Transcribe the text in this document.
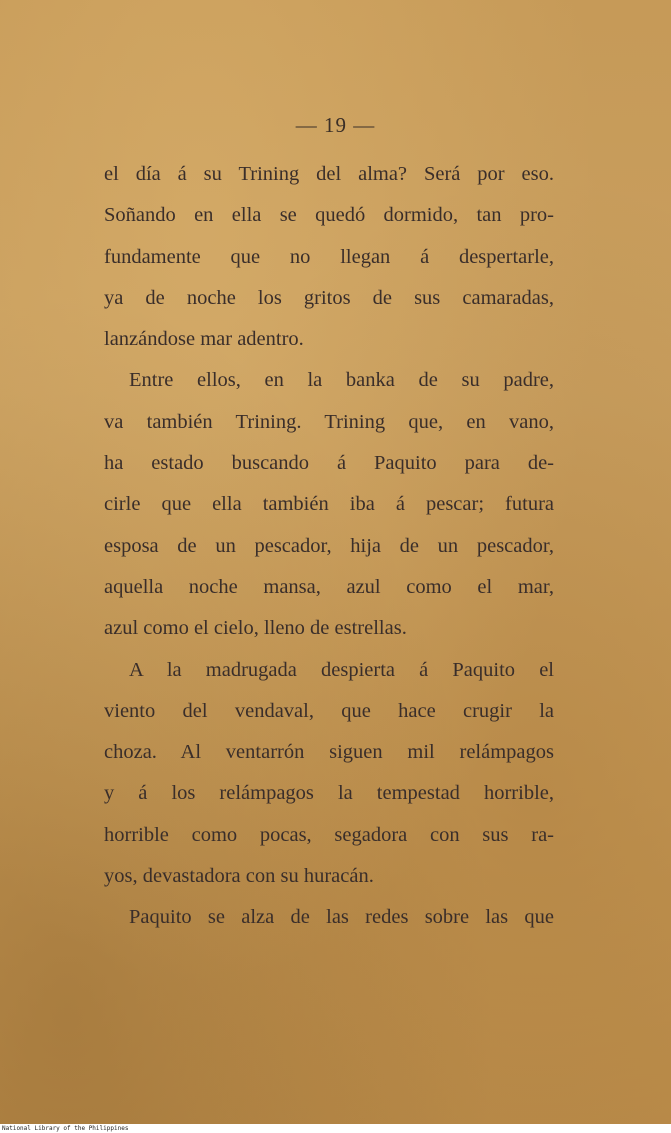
— 19 —
el día á su Trining del alma? Será por eso.
Soñando en ella se quedó dormido, tan pro-
fundamente que no llegan á despertarle,
ya de noche los gritos de sus camaradas,
lanzándose mar adentro.
Entre ellos, en la banka de su padre,
va también Trining. Trining que, en vano,
ha estado buscando á Paquito para de-
cirle que ella también iba á pescar; futura
esposa de un pescador, hija de un pescador,
aquella noche mansa, azul como el mar,
azul como el cielo, lleno de estrellas.
A la madrugada despierta á Paquito el
viento del vendaval, que hace crugir la
choza. Al ventarrón siguen mil relámpagos
y á los relámpagos la tempestad horrible,
horrible como pocas, segadora con sus ra-
yos, devastadora con su huracán.
Paquito se alza de las redes sobre las que
National Library of the Philippines
